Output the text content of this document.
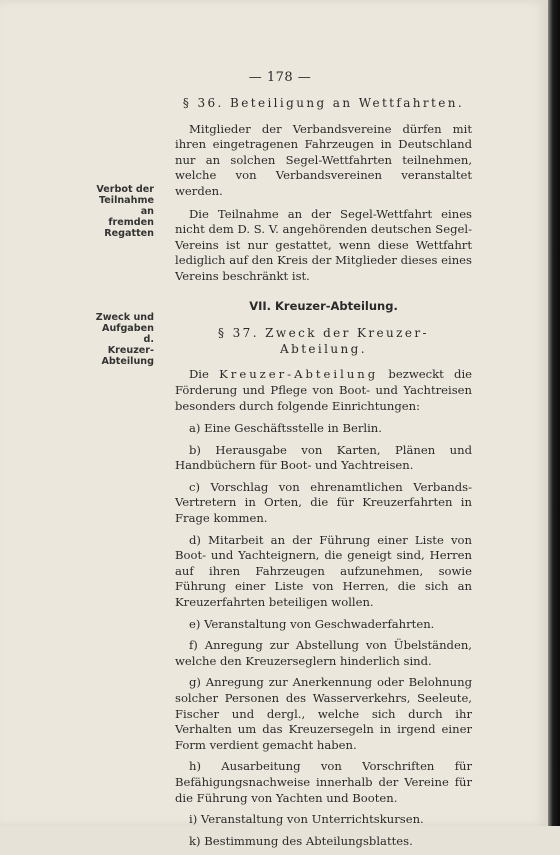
— 178 —
Verbot der
Teilnahme
an fremden
Regatten
Zweck und
Aufgaben d.
Kreuzer-
Abteilung
§ 36. Beteiligung an Wettfahrten.

Mitglieder der Verbandsvereine dürfen mit ihren eingetragenen Fahrzeugen in Deutschland nur an solchen Segel-Wettfahrten teilnehmen, welche von Verbandsvereinen veranstaltet werden.

Die Teilnahme an der Segel-Wettfahrt eines nicht dem D. S. V. angehörenden deutschen Segel-Vereins ist nur gestattet, wenn diese Wettfahrt lediglich auf den Kreis der Mitglieder dieses eines Vereins beschränkt ist.

VII. Kreuzer-Abteilung.
§ 37. Zweck der Kreuzer-Abteilung.

Die Kreuzer-Abteilung bezweckt die Förderung und Pflege von Boot- und Yachtreisen besonders durch folgende Einrichtungen:

a) Eine Geschäftsstelle in Berlin.

b) Herausgabe von Karten, Plänen und Handbüchern für Boot- und Yachtreisen.

c) Vorschlag von ehrenamtlichen Verbands-Vertretern in Orten, die für Kreuzerfahrten in Frage kommen.

d) Mitarbeit an der Führung einer Liste von Boot- und Yachteignern, die geneigt sind, Herren auf ihren Fahrzeugen aufzunehmen, sowie Führung einer Liste von Herren, die sich an Kreuzerfahrten beteiligen wollen.

e) Veranstaltung von Geschwaderfahrten.

f) Anregung zur Abstellung von Übelständen, welche den Kreuzerseglern hinderlich sind.

g) Anregung zur Anerkennung oder Belohnung solcher Personen des Wasserverkehrs, Seeleute, Fischer und dergl., welche sich durch ihr Verhalten um das Kreuzersegeln in irgend einer Form verdient gemacht haben.

h) Ausarbeitung von Vorschriften für Befähigungsnachweise innerhalb der Vereine für die Führung von Yachten und Booten.

i) Veranstaltung von Unterrichtskursen.

k) Bestimmung des Abteilungsblattes.
